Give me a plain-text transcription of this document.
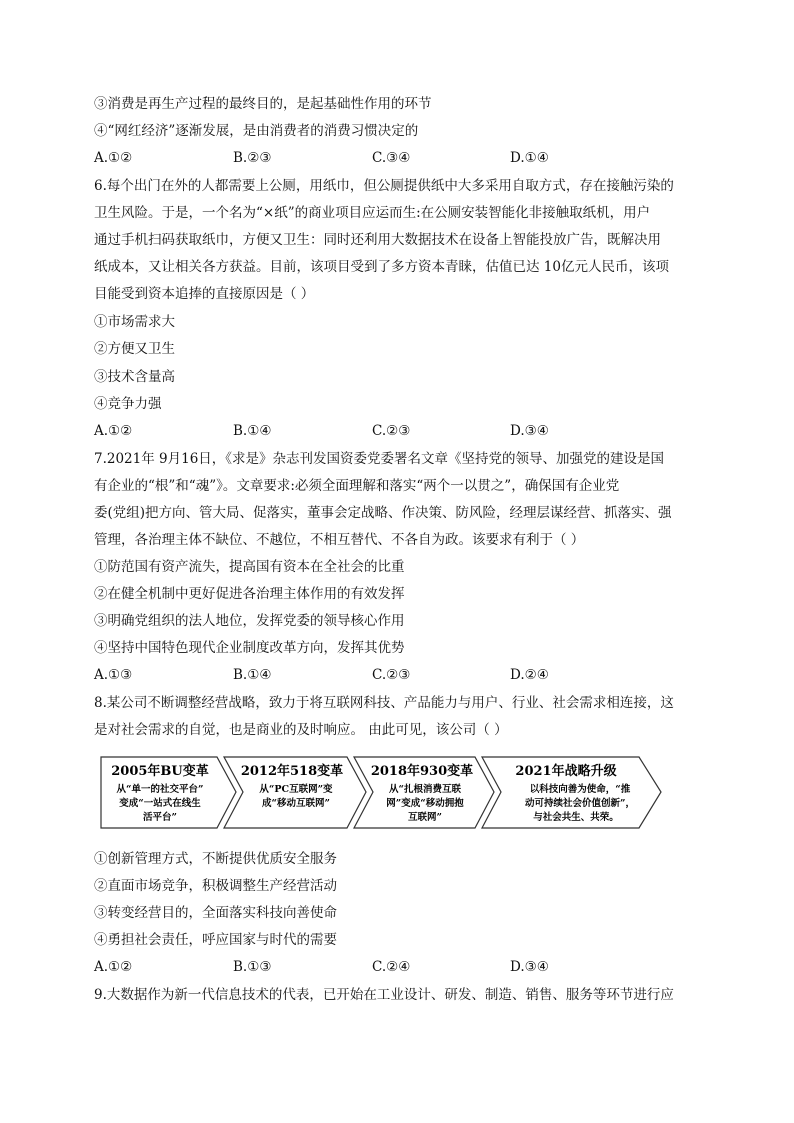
③消费是再生产过程的最终目的，是起基础性作用的环节
④“网红经济”逐渐发展，是由消费者的消费习惯决定的
A.①②	B.②③	C.③④	D.①④
6.每个出门在外的人都需要上公厕，用纸巾，但公厕提供纸中大多采用自取方式，存在接触污染的
卫生风险。于是，一个名为“×纸”的商业项目应运而生:在公厕安装智能化非接触取纸机，用户
通过手机扫码获取纸巾，方便又卫生：同时还利用大数据技术在设备上智能投放广告，既解决用
纸成本，又让相关各方获益。目前，该项目受到了多方资本青睐，估值已达 10亿元人民币，该项
目能受到资本追捧的直接原因是（ ）
①市场需求大
②方便又卫生
③技术含量高
④竞争力强
A.①②	B.①④	C.②③	D.③④
7.2021年 9月16日，《求是》杂志刊发国资委党委署名文章《坚持党的领导、加强党的建设是国
有企业的“根”和“魂”》。文章要求:必须全面理解和落实“两个一以贯之”，确保国有企业党
委(党组)把方向、管大局、促落实，董事会定战略、作决策、防风险，经理层谋经营、抓落实、强
管理，各治理主体不缺位、不越位，不相互替代、不各自为政。该要求有利于（ ）
①防范国有资产流失，提高国有资本在全社会的比重
②在健全机制中更好促进各治理主体作用的有效发挥
③明确党组织的法人地位，发挥党委的领导核心作用
④坚持中国特色现代企业制度改革方向，发挥其优势
A.①③	B.①④	C.②③	D.②④
8.某公司不断调整经营战略，致力于将互联网科技、产品能力与用户、行业、社会需求相连接，这
是对社会需求的自觉，也是商业的及时响应。 由此可见，该公司（ ）
2005年BU变革
从“单一的社交平台”
变成“一站式在线生
活平台”
2012年518变革
从“PC互联网”变
成“移动互联网”
2018年930变革
从“扎根消费互联
网”变成“移动拥抱
互联网”
2021年战略升级
以科技向善为使命，“推
动可持续社会价值创新”，
与社会共生、共荣。
①创新管理方式，不断提供优质安全服务
②直面市场竞争，积极调整生产经营活动
③转变经营目的，全面落实科技向善使命
④勇担社会责任，呼应国家与时代的需要
A.①②	B.①③	C.②④	D.③④
9.大数据作为新一代信息技术的代表，已开始在工业设计、研发、制造、销售、服务等环节进行应
